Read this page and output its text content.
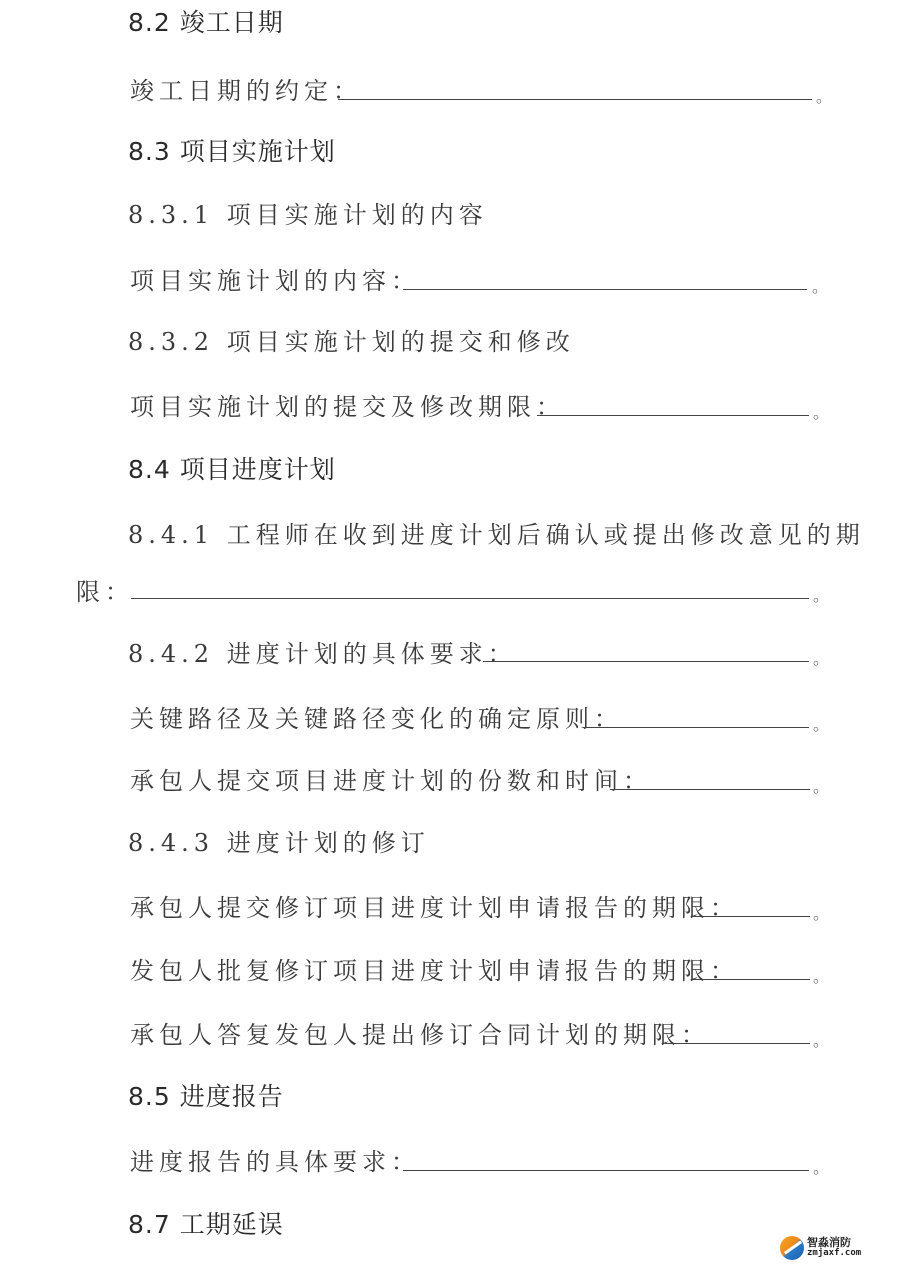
8.2 竣工日期
竣工日期的约定：	。
8.3 项目实施计划
8.3.1 项目实施计划的内容
项目实施计划的内容：	。
8.3.2 项目实施计划的提交和修改
项目实施计划的提交及修改期限：	。
8.4 项目进度计划
8.4.1 工程师在收到进度计划后确认或提出修改意见的期
限：	。
8.4.2 进度计划的具体要求：	。
关键路径及关键路径变化的确定原则：	。
承包人提交项目进度计划的份数和时间：	。
8.4.3 进度计划的修订
承包人提交修订项目进度计划申请报告的期限：	。
发包人批复修订项目进度计划申请报告的期限：	。
承包人答复发包人提出修订合同计划的期限：	。
8.5 进度报告
进度报告的具体要求：	。
8.7 工期延误
智淼消防
zmjaxf.com
